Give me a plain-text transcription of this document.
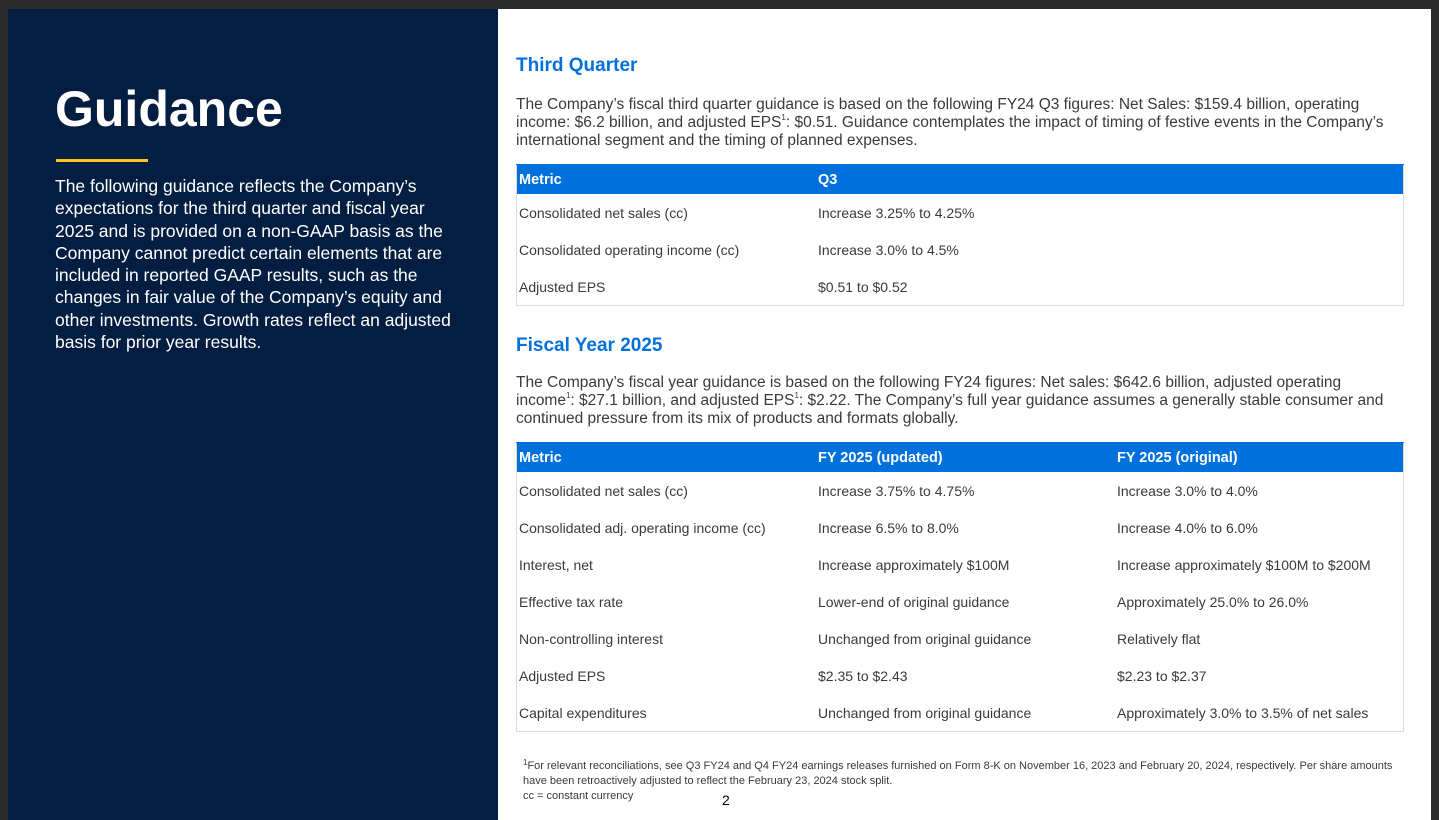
Guidance

The following guidance reflects the Company’s expectations for the third quarter and fiscal year 2025 and is provided on a non-GAAP basis as the Company cannot predict certain elements that are included in reported GAAP results, such as the changes in fair value of the Company’s equity and other investments. Growth rates reflect an adjusted basis for prior year results.

Third Quarter

The Company’s fiscal third quarter guidance is based on the following FY24 Q3 figures: Net Sales: $159.4 billion, operating income: $6.2 billion, and adjusted EPS$^1$: $0.51. Guidance contemplates the impact of timing of festive events in the Company’s international segment and the timing of planned expenses.

Metric	Q3
Consolidated net sales (cc)	Increase 3.25% to 4.25%
Consolidated operating income (cc)	Increase 3.0% to 4.5%
Adjusted EPS	$0.51 to $0.52
Fiscal Year 2025

The Company’s fiscal year guidance is based on the following FY24 figures: Net sales: $642.6 billion, adjusted operating income$^1$: $27.1 billion, and adjusted EPS$^1$: $2.22. The Company’s full year guidance assumes a generally stable consumer and continued pressure from its mix of products and formats globally.

Metric	FY 2025 (updated)	FY 2025 (original)
Consolidated net sales (cc)	Increase 3.75% to 4.75%	Increase 3.0% to 4.0%
Consolidated adj. operating income (cc)	Increase 6.5% to 8.0%	Increase 4.0% to 6.0%
Interest, net	Increase approximately $100M	Increase approximately $100M to $200M
Effective tax rate	Lower-end of original guidance	Approximately 25.0% to 26.0%
Non-controlling interest	Unchanged from original guidance	Relatively flat
Adjusted EPS	$2.35 to $2.43	$2.23 to $2.37
Capital expenditures	Unchanged from original guidance	Approximately 3.0% to 3.5% of net sales

$^1$For relevant reconciliations, see Q3 FY24 and Q4 FY24 earnings releases furnished on Form 8-K on November 16, 2023 and February 20, 2024, respectively. Per share amounts have been retroactively adjusted to reflect the February 23, 2024 stock split.

cc = constant currency	2
